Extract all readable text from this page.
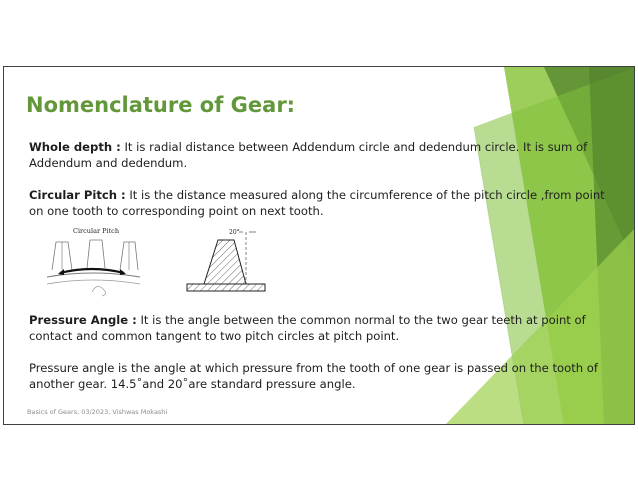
Nomenclature of Gear:

Whole depth : It is radial distance between Addendum circle and dedendum circle. It is sum of Addendum and dedendum.

Circular Pitch : It is the distance measured along the circumference of the pitch circle ,from point on one tooth to corresponding point on next tooth.

Circular Pitch	20°

Pressure Angle : It is the angle between the common normal to the two gear teeth at point of contact and common tangent to two pitch circles at pitch point.

Pressure angle is the angle at which pressure from the tooth of one gear is passed on the tooth of another gear. 14.5˚and 20˚are standard pressure angle.

Basics of Gears, 03/2023, Vishwas Mokashi
